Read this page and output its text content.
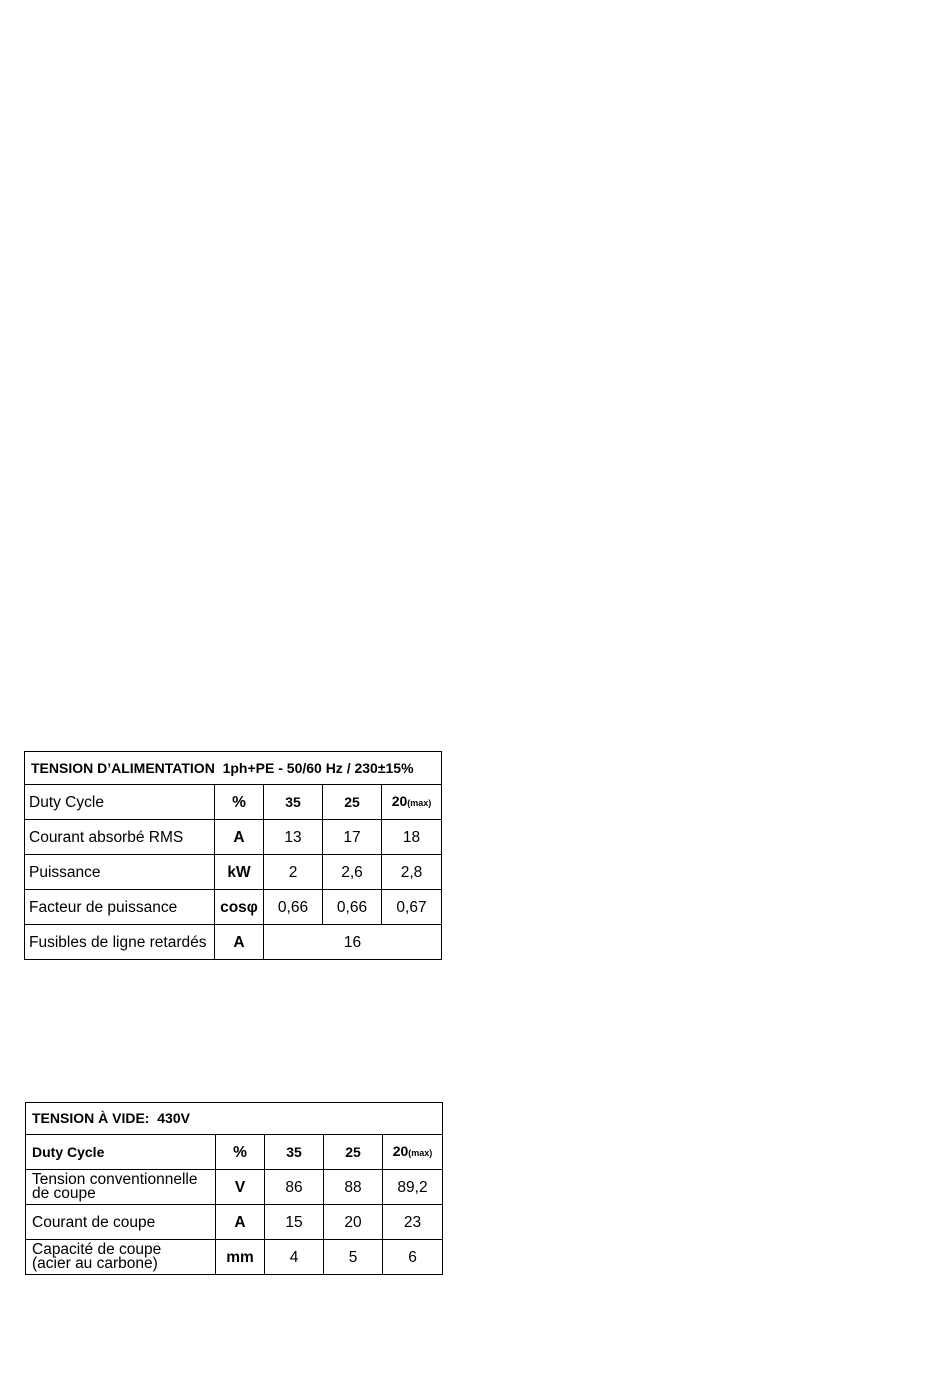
TENSION D’ALIMENTATION 1ph+PE - 50/60 Hz / 230±15%				
Duty Cycle	%	35	25	20(max)
Courant absorbé RMS	A	13	17	18
Puissance	kW	2	2,6	2,8
Facteur de puissance	cosφ	0,66	0,66	0,67
Fusibles de ligne retardés	A	16		
TENSION À VIDE: 430V				
Duty Cycle	%	35	25	20(max)

Tension conventionnelle
de coupe	V	86	88	89,2
Courant de coupe	A	15	20	23

Capacité de coupe
(acier au carbone)	mm	4	5	6
